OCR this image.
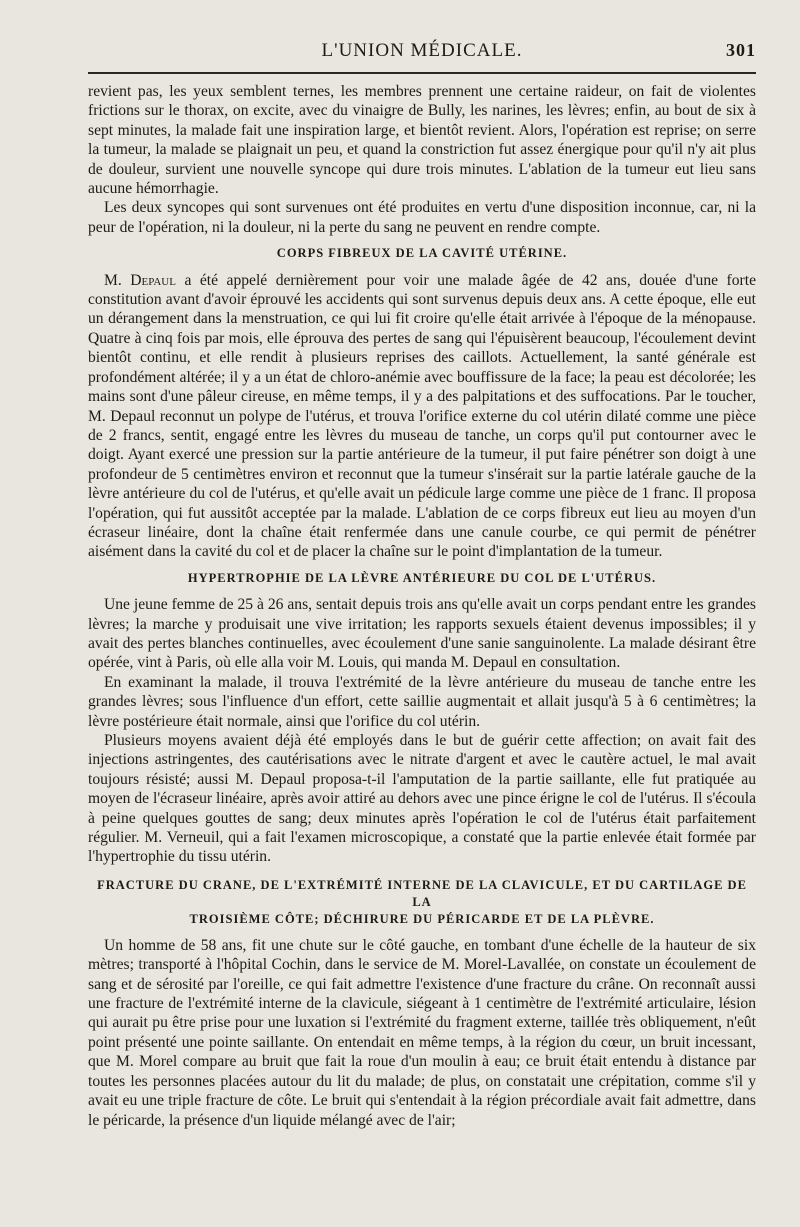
L'UNION MÉDICALE.	301

revient pas, les yeux semblent ternes, les membres prennent une certaine raideur, on fait de violentes frictions sur le thorax, on excite, avec du vinaigre de Bully, les narines, les lèvres; enfin, au bout de six à sept minutes, la malade fait une inspiration large, et bientôt revient. Alors, l'opération est reprise; on serre la tumeur, la malade se plaignait un peu, et quand la constriction fut assez énergique pour qu'il n'y ait plus de douleur, survient une nouvelle syncope qui dure trois minutes. L'ablation de la tumeur eut lieu sans aucune hémorrhagie.

Les deux syncopes qui sont survenues ont été produites en vertu d'une disposition inconnue, car, ni la peur de l'opération, ni la douleur, ni la perte du sang ne peuvent en rendre compte.

CORPS FIBREUX DE LA CAVITÉ UTÉRINE.

M. Depaul a été appelé dernièrement pour voir une malade âgée de 42 ans, douée d'une forte constitution avant d'avoir éprouvé les accidents qui sont survenus depuis deux ans. A cette époque, elle eut un dérangement dans la menstruation, ce qui lui fit croire qu'elle était arrivée à l'époque de la ménopause. Quatre à cinq fois par mois, elle éprouva des pertes de sang qui l'épuisèrent beaucoup, l'écoulement devint bientôt continu, et elle rendit à plusieurs reprises des caillots. Actuellement, la santé générale est profondément altérée; il y a un état de chloro-anémie avec bouffissure de la face; la peau est décolorée; les mains sont d'une pâleur cireuse, en même temps, il y a des palpitations et des suffocations. Par le toucher, M. Depaul reconnut un polype de l'utérus, et trouva l'orifice externe du col utérin dilaté comme une pièce de 2 francs, sentit, engagé entre les lèvres du museau de tanche, un corps qu'il put contourner avec le doigt. Ayant exercé une pression sur la partie antérieure de la tumeur, il put faire pénétrer son doigt à une profondeur de 5 centimètres environ et reconnut que la tumeur s'insérait sur la partie latérale gauche de la lèvre antérieure du col de l'utérus, et qu'elle avait un pédicule large comme une pièce de 1 franc. Il proposa l'opération, qui fut aussitôt acceptée par la malade. L'ablation de ce corps fibreux eut lieu au moyen d'un écraseur linéaire, dont la chaîne était renfermée dans une canule courbe, ce qui permit de pénétrer aisément dans la cavité du col et de placer la chaîne sur le point d'implantation de la tumeur.

HYPERTROPHIE DE LA LÈVRE ANTÉRIEURE DU COL DE L'UTÉRUS.

Une jeune femme de 25 à 26 ans, sentait depuis trois ans qu'elle avait un corps pendant entre les grandes lèvres; la marche y produisait une vive irritation; les rapports sexuels étaient devenus impossibles; il y avait des pertes blanches continuelles, avec écoulement d'une sanie sanguinolente. La malade désirant être opérée, vint à Paris, où elle alla voir M. Louis, qui manda M. Depaul en consultation.

En examinant la malade, il trouva l'extrémité de la lèvre antérieure du museau de tanche entre les grandes lèvres; sous l'influence d'un effort, cette saillie augmentait et allait jusqu'à 5 à 6 centimètres; la lèvre postérieure était normale, ainsi que l'orifice du col utérin.

Plusieurs moyens avaient déjà été employés dans le but de guérir cette affection; on avait fait des injections astringentes, des cautérisations avec le nitrate d'argent et avec le cautère actuel, le mal avait toujours résisté; aussi M. Depaul proposa-t-il l'amputation de la partie saillante, elle fut pratiquée au moyen de l'écraseur linéaire, après avoir attiré au dehors avec une pince érigne le col de l'utérus. Il s'écoula à peine quelques gouttes de sang; deux minutes après l'opération le col de l'utérus était parfaitement régulier. M. Verneuil, qui a fait l'examen microscopique, a constaté que la partie enlevée était formée par l'hypertrophie du tissu utérin.

FRACTURE DU CRANE, DE L'EXTRÉMITÉ INTERNE DE LA CLAVICULE, ET DU CARTILAGE DE LA
TROISIÈME CÔTE; DÉCHIRURE DU PÉRICARDE ET DE LA PLÈVRE.

Un homme de 58 ans, fit une chute sur le côté gauche, en tombant d'une échelle de la hauteur de six mètres; transporté à l'hôpital Cochin, dans le service de M. Morel-Lavallée, on constate un écoulement de sang et de sérosité par l'oreille, ce qui fait admettre l'existence d'une fracture du crâne. On reconnaît aussi une fracture de l'extrémité interne de la clavicule, siégeant à 1 centimètre de l'extrémité articulaire, lésion qui aurait pu être prise pour une luxation si l'extrémité du fragment externe, taillée très obliquement, n'eût point présenté une pointe saillante. On entendait en même temps, à la région du cœur, un bruit incessant, que M. Morel compare au bruit que fait la roue d'un moulin à eau; ce bruit était entendu à distance par toutes les personnes placées autour du lit du malade; de plus, on constatait une crépitation, comme s'il y avait eu une triple fracture de côte. Le bruit qui s'entendait à la région précordiale avait fait admettre, dans le péricarde, la présence d'un liquide mélangé avec de l'air;
